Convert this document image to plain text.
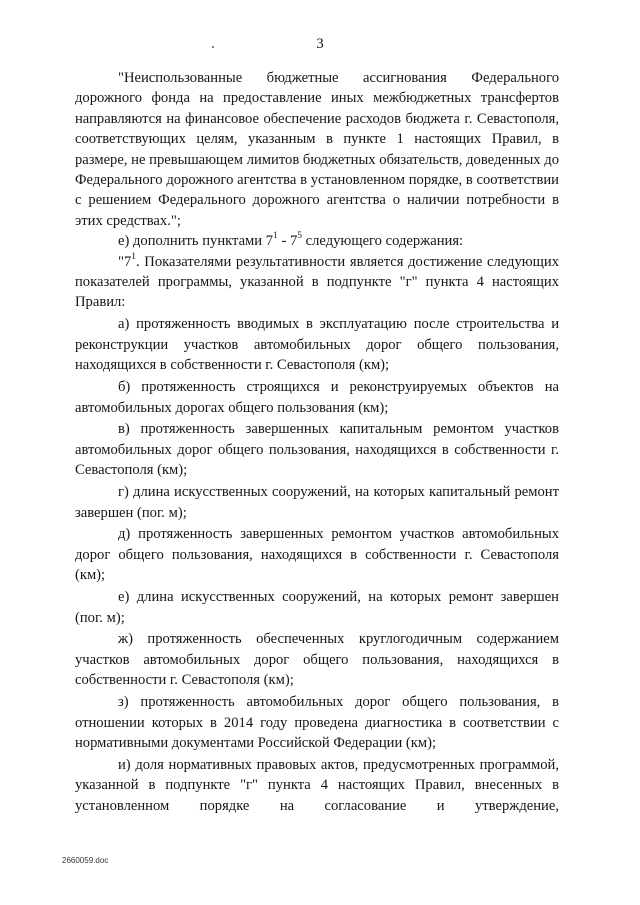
3

"Неиспользованные бюджетные ассигнования Федерального дорожного фонда на предоставление иных межбюджетных трансфертов направляются на финансовое обеспечение расходов бюджета г. Севастополя, соответствующих целям, указанным в пункте 1 настоящих Правил, в размере, не превышающем лимитов бюджетных обязательств, доведенных до Федерального дорожного агентства в установленном порядке, в соответствии с решением Федерального дорожного агентства о наличии потребности в этих средствах.";

е) дополнить пунктами $7^1 - 7^5$ следующего содержания:

"$7^1$. Показателями результативности является достижение следующих показателей программы, указанной в подпункте "г" пункта 4 настоящих Правил:

а) протяженность вводимых в эксплуатацию после строительства и реконструкции участков автомобильных дорог общего пользования, находящихся в собственности г. Севастополя (км);

б) протяженность строящихся и реконструируемых объектов на автомобильных дорогах общего пользования (км);

в) протяженность завершенных капитальным ремонтом участков автомобильных дорог общего пользования, находящихся в собственности г. Севастополя (км);

г) длина искусственных сооружений, на которых капитальный ремонт завершен (пог. м);

д) протяженность завершенных ремонтом участков автомобильных дорог общего пользования, находящихся в собственности г. Севастополя (км);

е) длина искусственных сооружений, на которых ремонт завершен (пог. м);

ж) протяженность обеспеченных круглогодичным содержанием участков автомобильных дорог общего пользования, находящихся в собственности г. Севастополя (км);

з) протяженность автомобильных дорог общего пользования, в отношении которых в 2014 году проведена диагностика в соответствии с нормативными документами Российской Федерации (км);

и) доля нормативных правовых актов, предусмотренных программой, указанной в подпункте "г" пункта 4 настоящих Правил, внесенных в установленном порядке на согласование и утверждение,

2660059.doc
